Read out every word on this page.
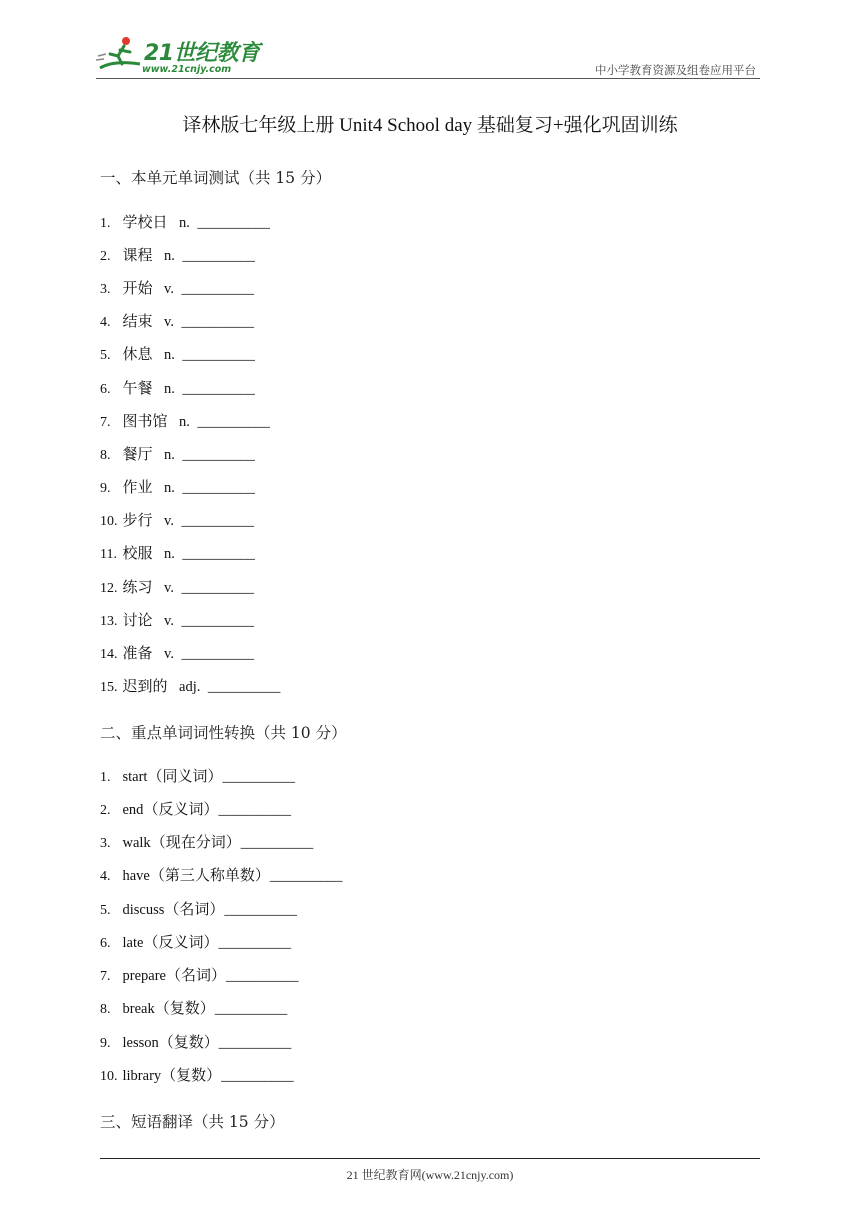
21世纪教育
www.21cnjy.com	中小学教育资源及组卷应用平台
译林版七年级上册 Unit4 School day 基础复习+强化巩固训练
一、本单元单词测试（共 15 分）
1. 学校日 n. __________
2. 课程 n. __________
3. 开始 v. __________
4. 结束 v. __________
5. 休息 n. __________
6. 午餐 n. __________
7. 图书馆 n. __________
8. 餐厅 n. __________
9. 作业 n. __________
10. 步行 v. __________
11. 校服 n. __________
12. 练习 v. __________
13. 讨论 v. __________
14. 准备 v. __________
15. 迟到的 adj. __________
二、重点单词词性转换（共 10 分）
1. start（同义词）__________
2. end（反义词）__________
3. walk（现在分词）__________
4. have（第三人称单数）__________
5. discuss（名词）__________
6. late（反义词）__________
7. prepare（名词）__________
8. break（复数）__________
9. lesson（复数）__________
10. library（复数）__________
三、短语翻译（共 15 分）
21 世纪教育网(www.21cnjy.com)
